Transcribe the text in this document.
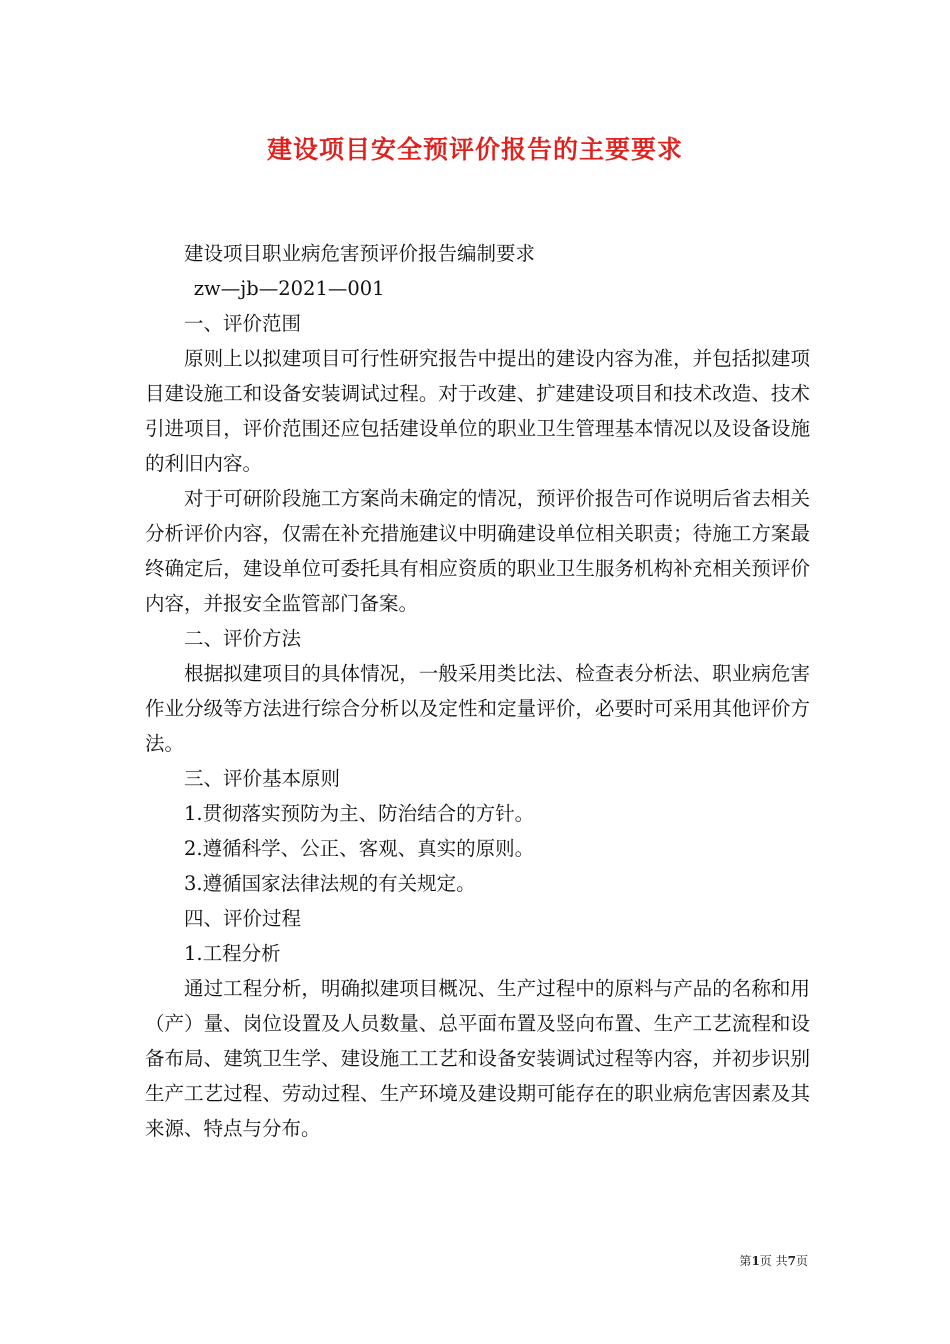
建设项目安全预评价报告的主要要求

建设项目职业病危害预评价报告编制要求

zw—jb—2021—001

一、评价范围

原则上以拟建项目可行性研究报告中提出的建设内容为准，并包括拟建项目建设施工和设备安装调试过程。对于改建、扩建建设项目和技术改造、技术引进项目，评价范围还应包括建设单位的职业卫生管理基本情况以及设备设施的利旧内容。

对于可研阶段施工方案尚未确定的情况，预评价报告可作说明后省去相关分析评价内容，仅需在补充措施建议中明确建设单位相关职责；待施工方案最终确定后，建设单位可委托具有相应资质的职业卫生服务机构补充相关预评价内容，并报安全监管部门备案。

二、评价方法

根据拟建项目的具体情况，一般采用类比法、检查表分析法、职业病危害作业分级等方法进行综合分析以及定性和定量评价，必要时可采用其他评价方法。

三、评价基本原则

1.贯彻落实预防为主、防治结合的方针。

2.遵循科学、公正、客观、真实的原则。

3.遵循国家法律法规的有关规定。

四、评价过程

1.工程分析

通过工程分析，明确拟建项目概况、生产过程中的原料与产品的名称和用（产）量、岗位设置及人员数量、总平面布置及竖向布置、生产工艺流程和设备布局、建筑卫生学、建设施工工艺和设备安装调试过程等内容，并初步识别生产工艺过程、劳动过程、生产环境及建设期可能存在的职业病危害因素及其来源、特点与分布。

第1页 共7页
